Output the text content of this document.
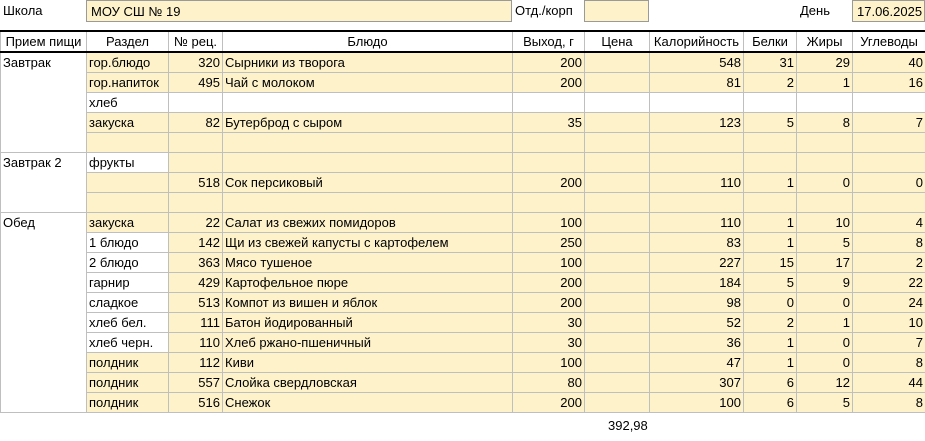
Школа	МОУ СШ № 19	Отд./корп	День	17.06.2025
Прием пищи	Раздел	№ рец.	Блюдо	Выход, г	Цена	Калорийность	Белки	Жиры	Углеводы
Завтрак	гор.блюдо	320	Сырники из творога	200		548	31	29	40
	гор.напиток	495	Чай с молоком	200		81	2	1	16
	хлеб								
	закуска	82	Бутерброд с сыром	35		123	5	8	7

Завтрак 2	фрукты								
		518	Сок персиковый	200		110	1	0	0

Обед	закуска	22	Салат из свежих помидоров	100		110	1	10	4
	1 блюдо	142	Щи из свежей капусты с картофелем	250		83	1	5	8
	2 блюдо	363	Мясо тушеное	100		227	15	17	2
	гарнир	429	Картофельное пюре	200		184	5	9	22
	сладкое	513	Компот из вишен и яблок	200		98	0	0	24
	хлеб бел.	111	Батон йодированный	30		52	2	1	10
	хлеб черн.	110	Хлеб ржано-пшеничный	30		36	1	0	7
	полдник	112	Киви	100		47	1	0	8
	полдник	557	Слойка свердловская	80		307	6	12	44
	полдник	516	Снежок	200		100	6	5	8
392,98
